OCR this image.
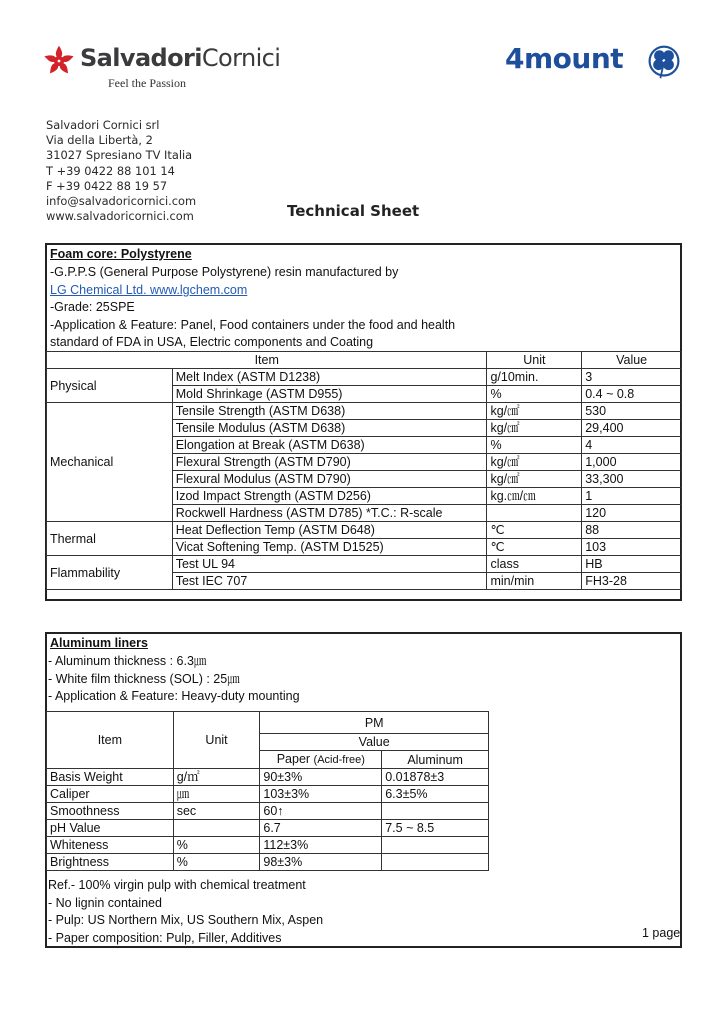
SalvadoriCornici
Feel the Passion
4mount
Salvadori Cornici srl
Via della Libertà, 2
31027 Spresiano TV Italia
T +39 0422 88 101 14
F +39 0422 88 19 57
info@salvadoricornici.com
www.salvadoricornici.com	Technical Sheet
Foam core: Polystyrene
-G.P.P.S (General Purpose Polystyrene) resin manufactured by
LG Chemical Ltd. www.lgchem.com
-Grade: 25SPE
-Application & Feature: Panel, Food containers under the food and health
standard of FDA in USA, Electric components and Coating
Item		Unit	Value
Physical	Melt Index (ASTM D1238)	g/10min.	3
	Mold Shrinkage (ASTM D955)	%	0.4 ~ 0.8
Mechanical	Tensile Strength (ASTM D638)	kg/㎠	530
	Tensile Modulus (ASTM D638)	kg/㎠	29,400
	Elongation at Break (ASTM D638)	%	4
	Flexural Strength (ASTM D790)	kg/㎠	1,000
	Flexural Modulus (ASTM D790)	kg/㎠	33,300
	Izod Impact Strength (ASTM D256)	kg.㎝/㎝	1
	Rockwell Hardness (ASTM D785) *T.C.: R-scale		120
Thermal	Heat Deflection Temp (ASTM D648)	℃	88
	Vicat Softening Temp. (ASTM D1525)	℃	103
Flammability	Test UL 94	class	HB
	Test IEC 707	min/min	FH3-28
Aluminum liners
- Aluminum thickness : 6.3㎛
- White film thickness (SOL) : 25㎛
- Application & Feature: Heavy-duty mounting
Item	Unit	PM	
		Value	
		Paper (Acid-free)	Aluminum
Basis Weight	g/㎡	90±3%	0.01878±3
Caliper	㎛	103±3%	6.3±5%
Smoothness	sec	60↑	
pH Value		6.7	7.5 ~ 8.5
Whiteness	%	112±3%	
Brightness	%	98±3%	
Ref.- 100% virgin pulp with chemical treatment
- No lignin contained
- Pulp: US Northern Mix, US Southern Mix, Aspen
- Paper composition: Pulp, Filler, Additives	1 page
